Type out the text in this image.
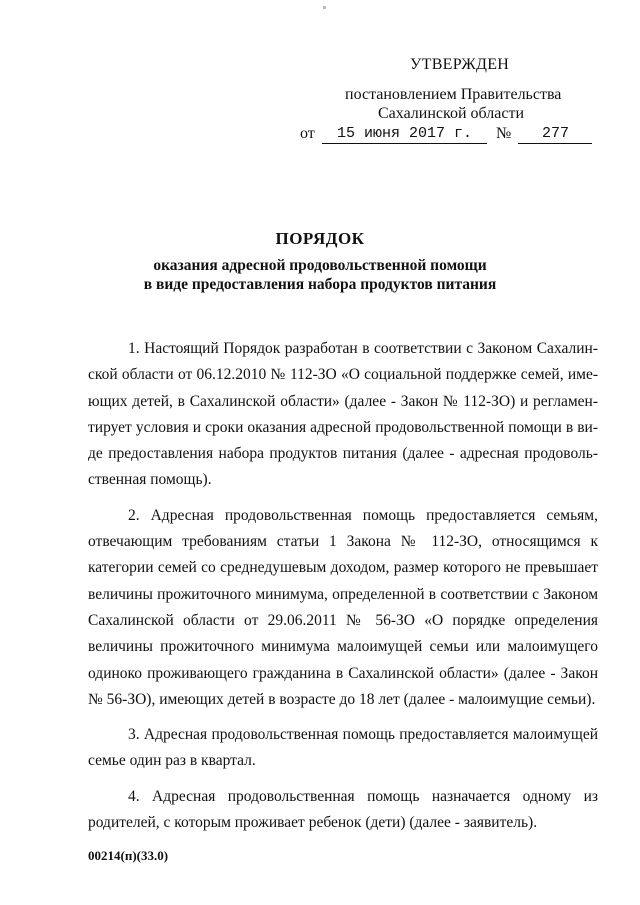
УТВЕРЖДЕН
постановлением Правительства
Сахалинской области
от	15 июня 2017 г.	№	277
ПОРЯДОК
оказания адресной продовольственной помощи
в виде предоставления набора продуктов питания

1. Настоящий Порядок разработан в соответствии с Законом Сахалинской области от 06.12.2010 № 112-ЗО «О социальной поддержке семей, имеющих детей, в Сахалинской области» (далее - Закон № 112-ЗО) и регламентирует условия и сроки оказания адресной продовольственной помощи в виде предоставления набора продуктов питания (далее - адресная продовольственная помощь).

2. Адресная продовольственная помощь предоставляется семьям, отвечающим требованиям статьи 1 Закона № 112-ЗО, относящимся к категории семей со среднедушевым доходом, размер которого не превышает величины прожиточного минимума, определенной в соответствии с Законом Сахалинской области от 29.06.2011 № 56-ЗО «О порядке определения величины прожиточного минимума малоимущей семьи или малоимущего одиноко проживающего гражданина в Сахалинской области» (далее - Закон № 56-ЗО), имеющих детей в возрасте до 18 лет (далее - малоимущие семьи).

3. Адресная продовольственная помощь предоставляется малоимущей семье один раз в квартал.

4. Адресная продовольственная помощь назначается одному из родителей, с которым проживает ребенок (дети) (далее - заявитель).

00214(п)(33.0)
